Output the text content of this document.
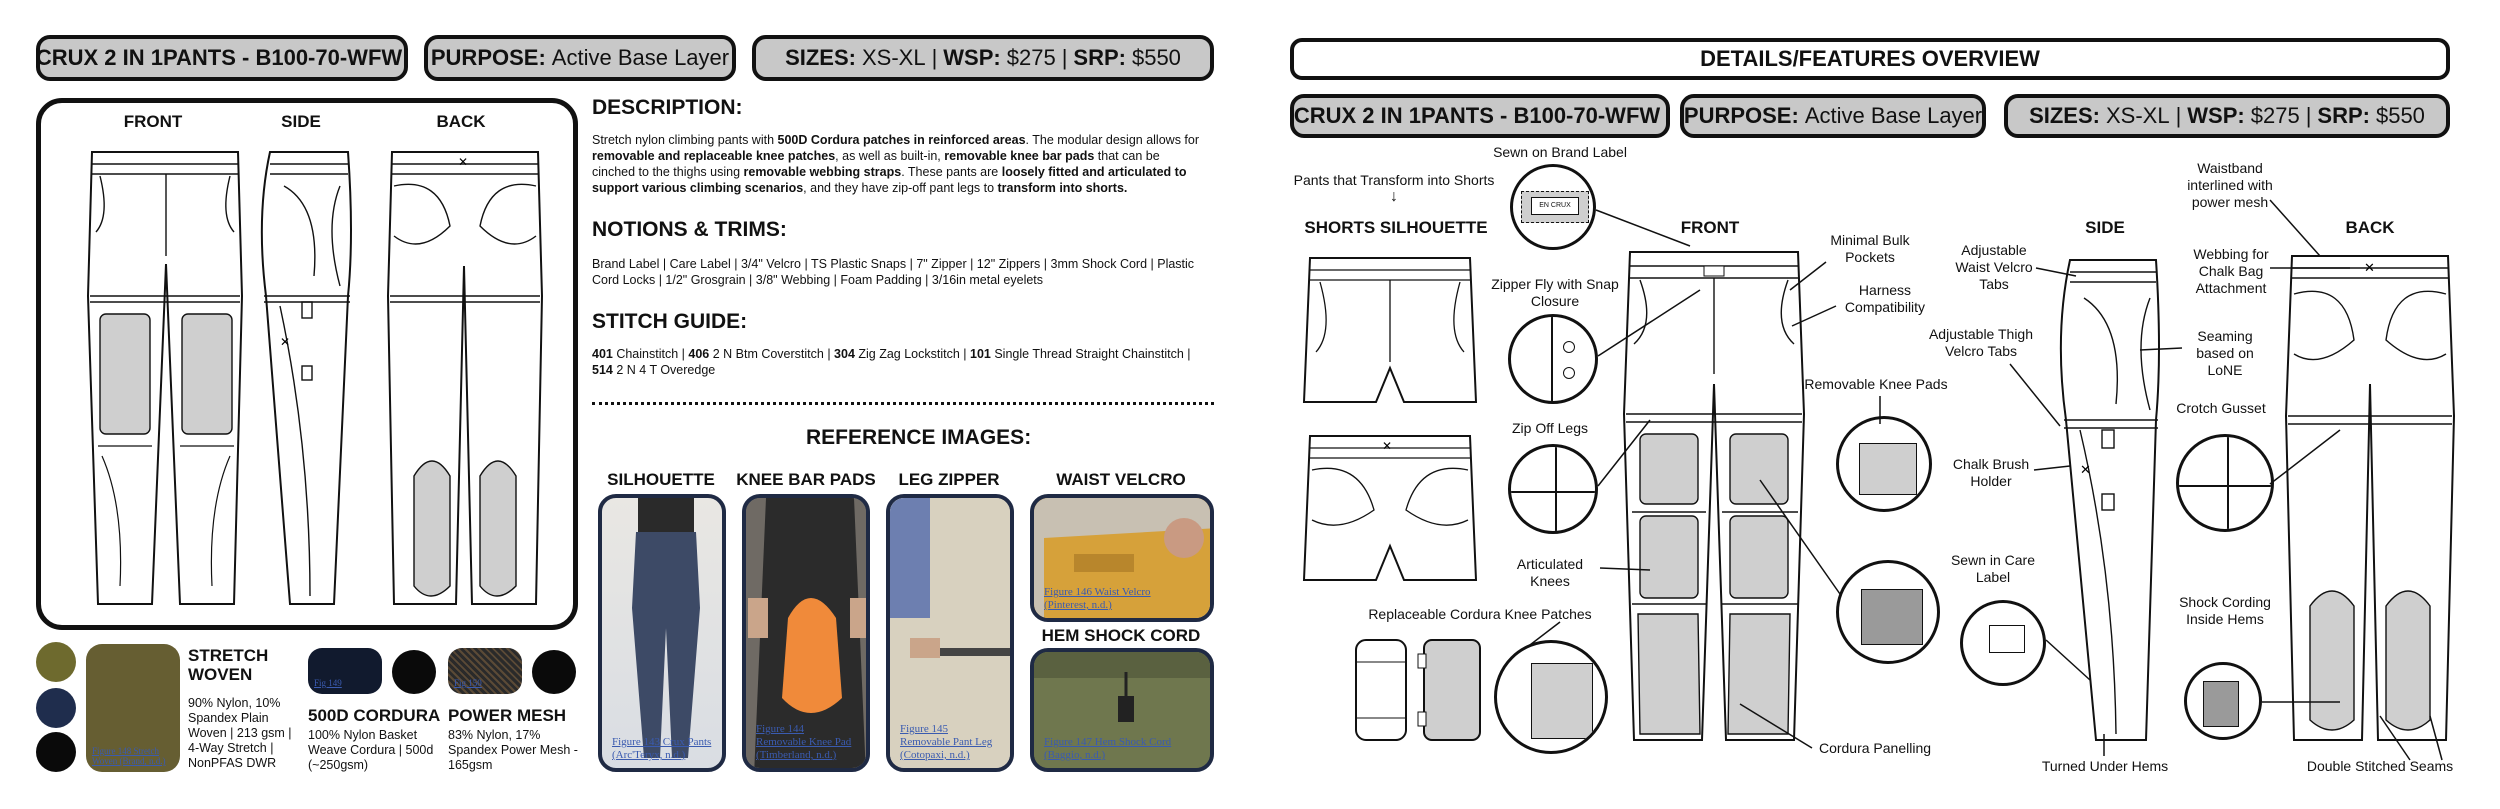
CRUX 2 IN 1PANTS - B100-70-WFW PURPOSE: Active Base Layer	SIZES: XS-XL | WSP: $275 | SRP: $550
FRONT	SIDE	BACK
✕
✕
DESCRIPTION:
Stretch nylon climbing pants with 500D Cordura patches in reinforced areas. The modular design allows for removable and replaceable knee patches, as well as built-in, removable knee bar pads that can be cinched to the thighs using removable webbing straps. These pants are loosely fitted and articulated to support various climbing scenarios, and they have zip-off pant legs to transform into shorts.
NOTIONS & TRIMS:
Brand Label | Care Label | 3/4" Velcro | TS Plastic Snaps | 7" Zipper | 12" Zippers | 3mm Shock Cord | Plastic Cord Locks | 1/2" Grosgrain | 3/8" Webbing | Foam Padding | 3/16in metal eyelets
STITCH GUIDE:
401 Chainstitch | 406 2 N Btm Coverstitch | 304 Zig Zag Lockstitch | 101 Single Thread Straight Chainstitch | 514 2 N 4 T Overedge
REFERENCE IMAGES:
SILHOUETTE	KNEE BAR PADS	LEG ZIPPER	WAIST VELCRO
HEM SHOCK CORD
Figure 143 Crux Pants (Arc'Teryx, n.d.)
Figure 144 Removable Knee Pad (Timberland, n.d.)
Figure 145 Removable Pant Leg (Cotopaxi, n.d.)
Figure 146 Waist Velcro (Pinterest, n.d.)
Figure 147 Hem Shock Cord (Baggio, n.d.)
Figure 148 Stretch Woven (Brand, n.d.)
STRETCH WOVEN
90% Nylon, 10% Spandex Plain Woven | 213 gsm | 4-Way Stretch | NonPFAS DWR
Fig 149
500D CORDURA
100% Nylon Basket Weave Cordura | 500d (~250gsm)
Fig 150
POWER MESH
83% Nylon, 17% Spandex Power Mesh - 165gsm
DETAILS/FEATURES OVERVIEW
CRUX 2 IN 1PANTS - B100-70-WFW PURPOSE: Active Base Layer SIZES: XS-XL | WSP: $275 | SRP: $550
Pants that Transform into Shorts
↓
SHORTS SILHOUETTE	FRONT	SIDE	BACK
✕
✕
✕
EN CRUX
Sewn on Brand Label
Zipper Fly with Snap Closure
Zip Off Legs
Articulated Knees
Replaceable Cordura Knee Patches
Minimal Bulk Pockets
Harness Compatibility
Removable Knee Pads
Cordura Panelling
Adjustable Waist Velcro Tabs
Adjustable Thigh Velcro Tabs
Chalk Brush Holder
Sewn in Care Label
Turned Under Hems
Waistband interlined with power mesh
Webbing for Chalk Bag Attachment
Seaming based on LoNE
Crotch Gusset
Shock Cording Inside Hems
Double Stitched Seams
